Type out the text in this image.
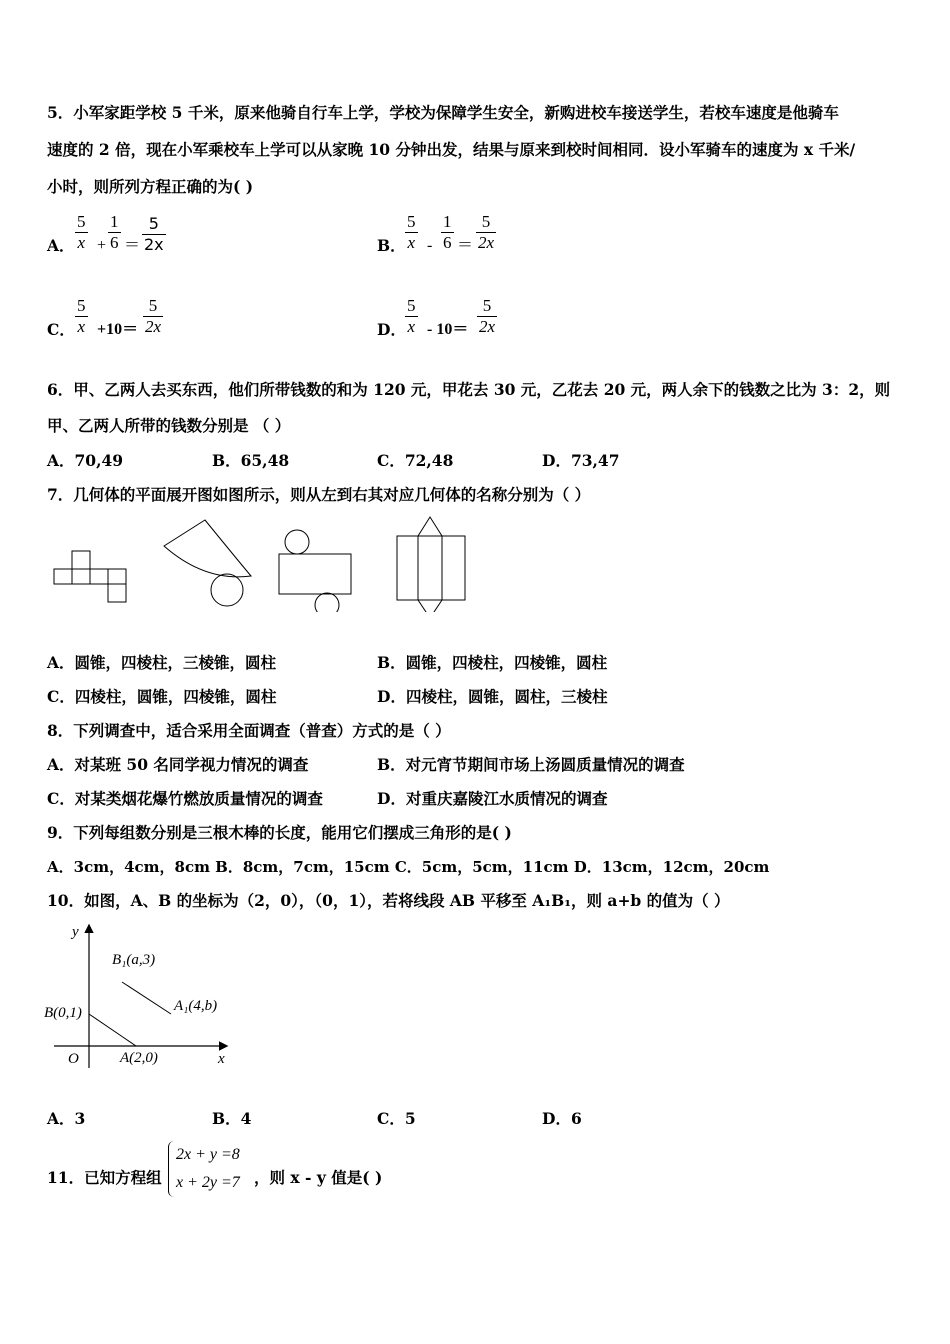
5．小军家距学校 5 千米，原来他骑自行车上学，学校为保障学生安全，新购进校车接送学生，若校车速度是他骑车
速度的 2 倍，现在小军乘校车上学可以从家晚 10 分钟出发，结果与原来到校时间相同．设小军骑车的速度为 x 千米/
小时，则所列方程正确的为( )
A．
5
x +
1
6 ＝
5
2x	B．
5
x -
1
6 ＝
5
2x
C．
5
x +10＝
5
2x	D．
5
x - 10＝
5
2x
6．甲、乙两人去买东西，他们所带钱数的和为 120 元，甲花去 30 元，乙花去 20 元，两人余下的钱数之比为 3：2，则
甲、乙两人所带的钱数分别是 （ ）
A．70,49	B．65,48	C．72,48	D．73,47
7．几何体的平面展开图如图所示，则从左到右其对应几何体的名称分别为（ ）
A．圆锥，四棱柱，三棱锥，圆柱	B．圆锥，四棱柱，四棱锥，圆柱
C．四棱柱，圆锥，四棱锥，圆柱	D．四棱柱，圆锥，圆柱，三棱柱
8．下列调查中，适合采用全面调查（普查）方式的是（ ）
A．对某班 50 名同学视力情况的调查	B．对元宵节期间市场上汤圆质量情况的调查
C．对某类烟花爆竹燃放质量情况的调查	D．对重庆嘉陵江水质情况的调查
9．下列每组数分别是三根木棒的长度，能用它们摆成三角形的是( )
A．3cm，4cm，8cm B．8cm，7cm，15cm C．5cm，5cm，11cm D．13cm，12cm，20cm
10．如图，A、B 的坐标为（2，0），（0，1），若将线段 AB 平移至 A₁B₁，则 a+b 的值为（ ）
y
x
O
B(0,1)
A(2,0)
B₁(a,3)
A₁(4,b)
A．3	B．4	C．5	D．6
11．已知方程组
2x + y =8
x + 2y =7 ，则 x - y 值是( )
